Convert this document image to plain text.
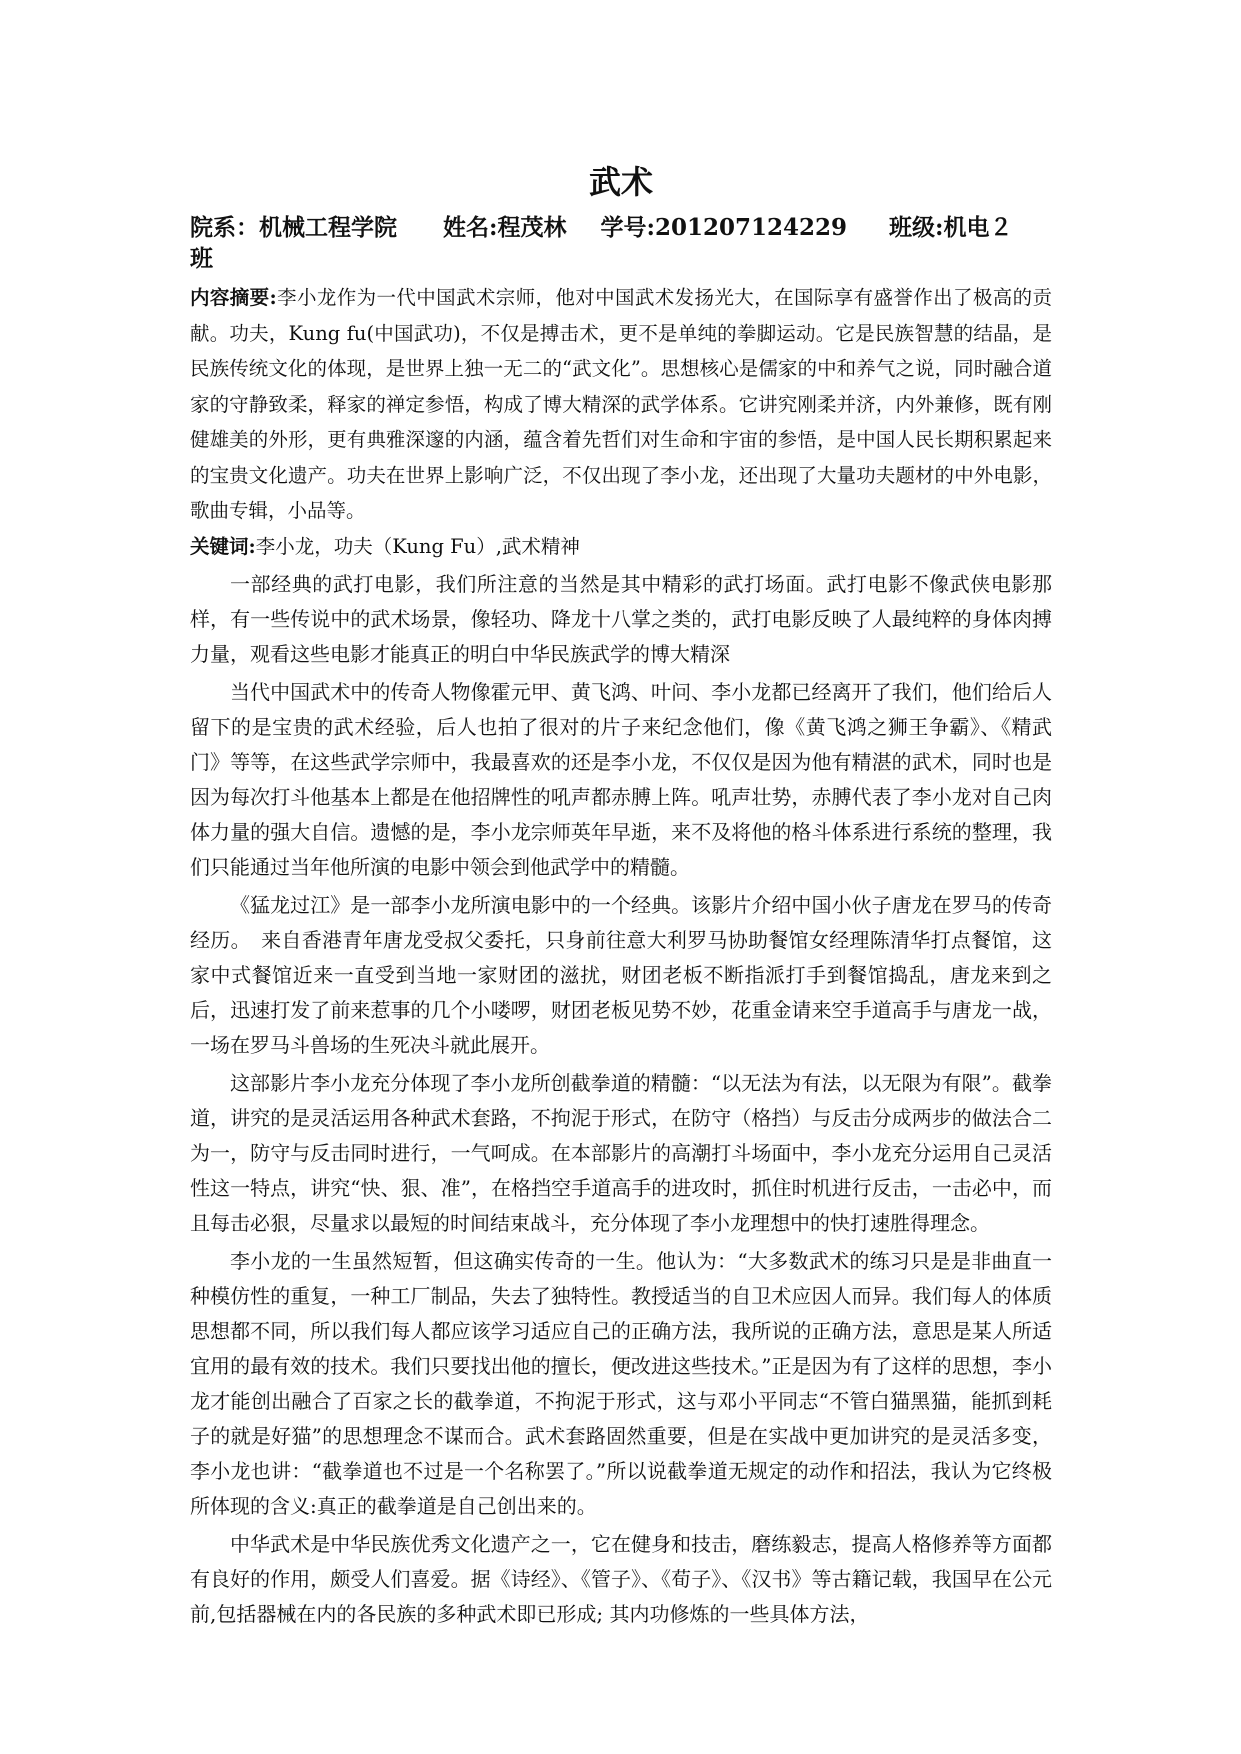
武术
院系：机械工程学院 姓名:程茂林 学号:201207124229 班级:机电２
班

内容摘要:李小龙作为一代中国武术宗师，他对中国武术发扬光大，在国际享有盛誉作出了极高的贡献。功夫，Kung fu(中国武功)，不仅是搏击术，更不是单纯的拳脚运动。它是民族智慧的结晶，是民族传统文化的体现，是世界上独一无二的“武文化”。思想核心是儒家的中和养气之说，同时融合道家的守静致柔，释家的禅定参悟，构成了博大精深的武学体系。它讲究刚柔并济，内外兼修，既有刚健雄美的外形，更有典雅深邃的内涵，蕴含着先哲们对生命和宇宙的参悟，是中国人民长期积累起来的宝贵文化遗产。功夫在世界上影响广泛，不仅出现了李小龙，还出现了大量功夫题材的中外电影，歌曲专辑，小品等。

关键词:李小龙，功夫（Kung Fu）,武术精神

一部经典的武打电影，我们所注意的当然是其中精彩的武打场面。武打电影不像武侠电影那样，有一些传说中的武术场景，像轻功、降龙十八掌之类的，武打电影反映了人最纯粹的身体肉搏力量，观看这些电影才能真正的明白中华民族武学的博大精深

当代中国武术中的传奇人物像霍元甲、黄飞鸿、叶问、李小龙都已经离开了我们，他们给后人留下的是宝贵的武术经验，后人也拍了很对的片子来纪念他们，像《黄飞鸿之狮王争霸》、《精武门》等等，在这些武学宗师中，我最喜欢的还是李小龙，不仅仅是因为他有精湛的武术，同时也是因为每次打斗他基本上都是在他招牌性的吼声都赤膊上阵。吼声壮势，赤膊代表了李小龙对自己肉体力量的强大自信。遗憾的是，李小龙宗师英年早逝，来不及将他的格斗体系进行系统的整理，我们只能通过当年他所演的电影中领会到他武学中的精髓。

《猛龙过江》是一部李小龙所演电影中的一个经典。该影片介绍中国小伙子唐龙在罗马的传奇经历。　来自香港青年唐龙受叔父委托，只身前往意大利罗马协助餐馆女经理陈清华打点餐馆，这家中式餐馆近来一直受到当地一家财团的滋扰，财团老板不断指派打手到餐馆捣乱，唐龙来到之后，迅速打发了前来惹事的几个小喽啰，财团老板见势不妙，花重金请来空手道高手与唐龙一战，一场在罗马斗兽场的生死决斗就此展开。

这部影片李小龙充分体现了李小龙所创截拳道的精髓：“以无法为有法，以无限为有限”。截拳道，讲究的是灵活运用各种武术套路，不拘泥于形式，在防守（格挡）与反击分成两步的做法合二为一，防守与反击同时进行，一气呵成。在本部影片的高潮打斗场面中，李小龙充分运用自己灵活性这一特点，讲究“快、狠、准”，在格挡空手道高手的进攻时，抓住时机进行反击，一击必中，而且每击必狠，尽量求以最短的时间结束战斗，充分体现了李小龙理想中的快打速胜得理念。

李小龙的一生虽然短暂，但这确实传奇的一生。他认为：“大多数武术的练习只是是非曲直一种模仿性的重复，一种工厂制品，失去了独特性。教授适当的自卫术应因人而异。我们每人的体质思想都不同，所以我们每人都应该学习适应自己的正确方法，我所说的正确方法，意思是某人所适宜用的最有效的技术。我们只要找出他的擅长，便改进这些技术。”正是因为有了这样的思想，李小龙才能创出融合了百家之长的截拳道，不拘泥于形式，这与邓小平同志“不管白猫黑猫，能抓到耗子的就是好猫”的思想理念不谋而合。武术套路固然重要，但是在实战中更加讲究的是灵活多变，李小龙也讲：“截拳道也不过是一个名称罢了。”所以说截拳道无规定的动作和招法，我认为它终极所体现的含义:真正的截拳道是自己创出来的。

中华武术是中华民族优秀文化遗产之一，它在健身和技击，磨练毅志，提高人格修养等方面都有良好的作用，颇受人们喜爱。据《诗经》、《管子》、《荀子》、《汉书》等古籍记载，我国早在公元前,包括器械在内的各民族的多种武术即已形成; 其内功修炼的一些具体方法，
